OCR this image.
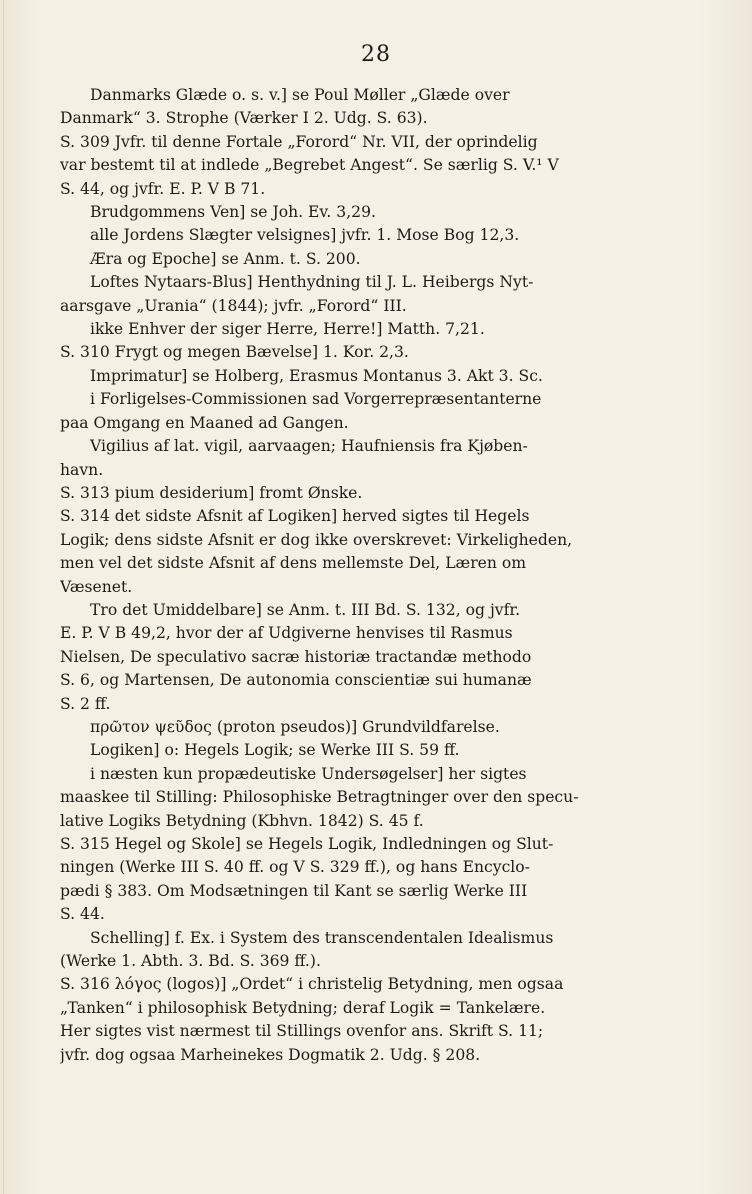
28

Danmarks Glæde o. s. v.] se Poul Møller „Glæde over

Danmark“ 3. Strophe (Værker I 2. Udg. S. 63).

S. 309 Jvfr. til denne Fortale „Forord“ Nr. VII, der oprindelig

var bestemt til at indlede „Begrebet Angest“. Se særlig S. V.¹ V

S. 44, og jvfr. E. P. V B 71.

Brudgommens Ven] se Joh. Ev. 3,29.

alle Jordens Slægter velsignes] jvfr. 1. Mose Bog 12,3.

Æra og Epoche] se Anm. t. S. 200.

Loftes Nytaars-Blus] Henthydning til J. L. Heibergs Nyt-

aarsgave „Urania“ (1844); jvfr. „Forord“ III.

ikke Enhver der siger Herre, Herre!] Matth. 7,21.

S. 310 Frygt og megen Bævelse] 1. Kor. 2,3.

Imprimatur] se Holberg, Erasmus Montanus 3. Akt 3. Sc.

i Forligelses-Commissionen sad Vorgerrepræsentanterne

paa Omgang en Maaned ad Gangen.

Vigilius af lat. vigil, aarvaagen; Haufniensis fra Kjøben-

havn.

S. 313 pium desiderium] fromt Ønske.

S. 314 det sidste Afsnit af Logiken] herved sigtes til Hegels

Logik; dens sidste Afsnit er dog ikke overskrevet: Virkeligheden,

men vel det sidste Afsnit af dens mellemste Del, Læren om

Væsenet.

Tro det Umiddelbare] se Anm. t. III Bd. S. 132, og jvfr.

E. P. V B 49,2, hvor der af Udgiverne henvises til Rasmus

Nielsen, De speculativo sacræ historiæ tractandæ methodo

S. 6, og Martensen, De autonomia conscientiæ sui humanæ

S. 2 ff.

πρῶτον ψεῦδος (proton pseudos)] Grundvildfarelse.

Logiken] o: Hegels Logik; se Werke III S. 59 ff.

i næsten kun propædeutiske Undersøgelser] her sigtes

maaskee til Stilling: Philosophiske Betragtninger over den specu-

lative Logiks Betydning (Kbhvn. 1842) S. 45 f.

S. 315 Hegel og Skole] se Hegels Logik, Indledningen og Slut-

ningen (Werke III S. 40 ff. og V S. 329 ff.), og hans Encyclo-

pædi § 383. Om Modsætningen til Kant se særlig Werke III

S. 44.

Schelling] f. Ex. i System des transcendentalen Idealismus

(Werke 1. Abth. 3. Bd. S. 369 ff.).

S. 316 λόγος (logos)] „Ordet“ i christelig Betydning, men ogsaa

„Tanken“ i philosophisk Betydning; deraf Logik = Tankelære.

Her sigtes vist nærmest til Stillings ovenfor ans. Skrift S. 11;

jvfr. dog ogsaa Marheinekes Dogmatik 2. Udg. § 208.
